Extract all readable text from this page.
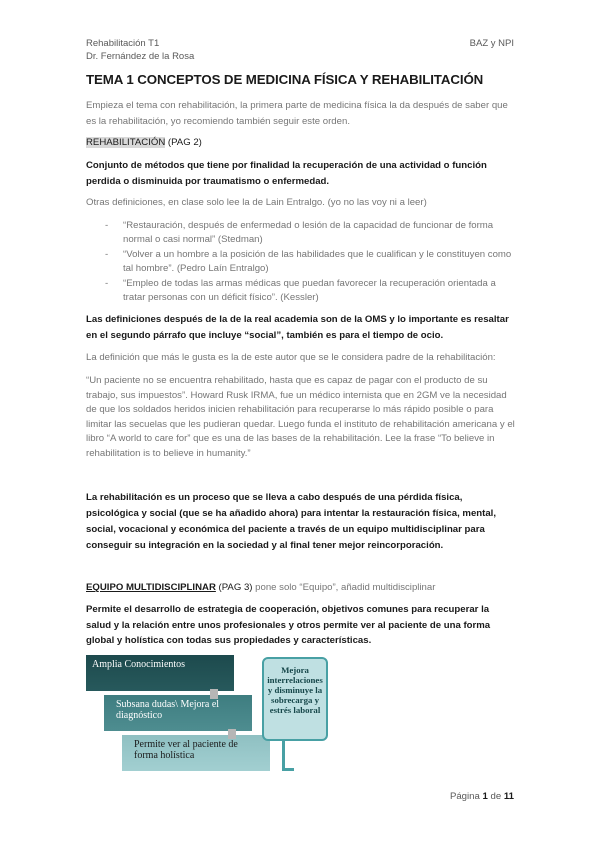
Rehabilitación T1
Dr. Fernández de la Rosa
BAZ y NPI
TEMA 1 CONCEPTOS DE MEDICINA FÍSICA Y REHABILITACIÓN
Empieza el tema con rehabilitación, la primera parte de medicina física la da después de saber que es la rehabilitación, yo recomiendo también seguir este orden.
REHABILITACIÓN (PAG 2)
Conjunto de métodos que tiene por finalidad la recuperación de una actividad o función perdida o disminuida por traumatismo o enfermedad.
Otras definiciones, en clase solo lee la de Lain Entralgo. (yo no las voy ni a leer)
-	“Restauración, después de enfermedad o lesión de la capacidad de funcionar de forma normal o casi normal” (Stedman)
-	“Volver a un hombre a la posición de las habilidades que le cualifican y le constituyen como tal hombre”. (Pedro Laín Entralgo)
-	“Empleo de todas las armas médicas que puedan favorecer la recuperación orientada a tratar personas con un déficit físico”. (Kessler)
Las definiciones después de la de la real academia son de la OMS y lo importante es resaltar en el segundo párrafo que incluye “social”, también es para el tiempo de ocio.
La definición que más le gusta es la de este autor que se le considera padre de la rehabilitación:
“Un paciente no se encuentra rehabilitado, hasta que es capaz de pagar con el producto de su trabajo, sus impuestos”. Howard Rusk IRMA, fue un médico internista que en 2GM ve la necesidad de que los soldados heridos inicien rehabilitación para recuperarse lo más rápido posible o para limitar las secuelas que les pudieran quedar. Luego funda el instituto de rehabilitación americana y el libro “A world to care for” que es una de las bases de la rehabilitación. Lee la frase “To believe in rehabilitation is to believe in humanity.”
La rehabilitación es un proceso que se lleva a cabo después de una pérdida física, psicológica y social (que se ha añadido ahora) para intentar la restauración física, mental, social, vocacional y económica del paciente a través de un equipo multidisciplinar para conseguir su integración en la sociedad y al final tener mejor reincorporación.
EQUIPO MULTIDISCIPLINAR (PAG 3) pone solo “Equipo”, añadid multidisciplinar
Permite el desarrollo de estrategia de cooperación, objetivos comunes para recuperar la salud y la relación entre unos profesionales y otros permite ver al paciente de una forma global y holística con todas sus propiedades y características.
Amplia Conocimientos
Subsana dudas\ Mejora el diagnóstico
Permite ver al paciente de forma holística
Mejora interrelaciones y disminuye la sobrecarga y estrés laboral
Página 1 de 11
